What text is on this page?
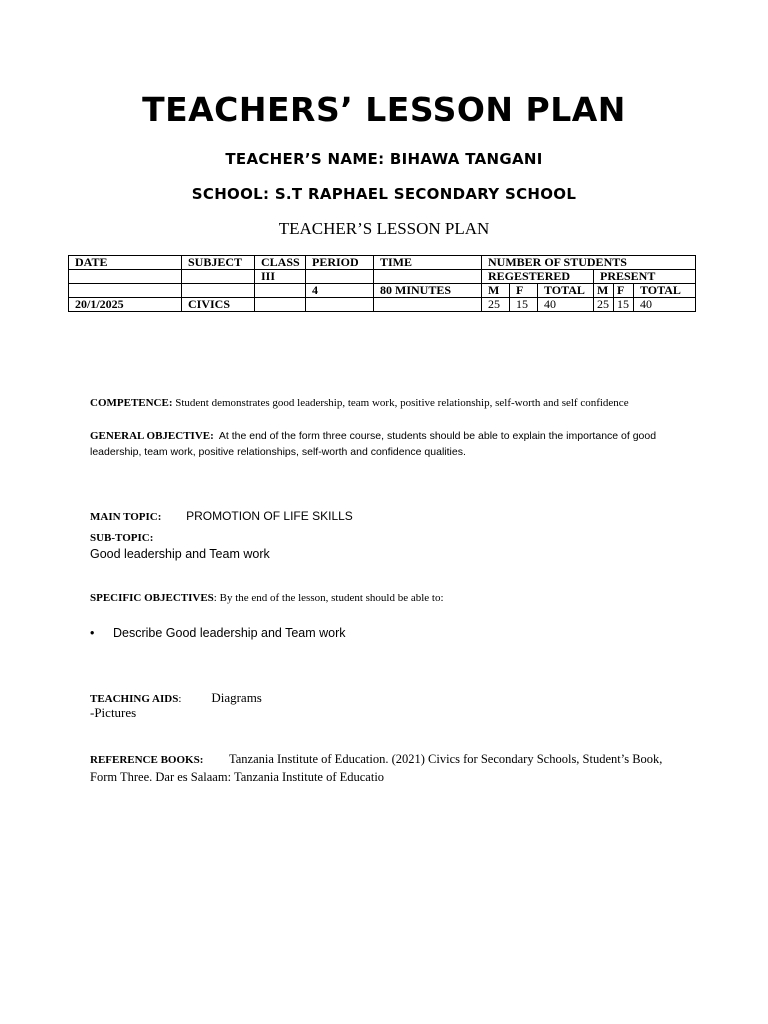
TEACHERS’ LESSON PLAN
TEACHER’S NAME: BIHAWA TANGANI
SCHOOL: S.T RAPHAEL SECONDARY SCHOOL
TEACHER’S LESSON PLAN
DATE	SUBJECT	CLASS	PERIOD	TIME	NUMBER OF STUDENTS					
		III			REGESTERED			PRESENT		
			4	80 MINUTES	M	F	TOTAL	M	F	TOTAL
20/1/2025	CIVICS				25	15	40	25	15	40
COMPETENCE: Student demonstrates good leadership, team work, positive relationship, self-worth and self confidence
GENERAL OBJECTIVE: At the end of the form three course, students should be able to explain the importance of good
leadership, team work, positive relationships, self-worth and confidence qualities.
MAIN TOPIC: PROMOTION OF LIFE SKILLS
SUB-TOPIC:
Good leadership and Team work
SPECIFIC OBJECTIVES: By the end of the lesson, student should be able to:
• Describe Good leadership and Team work
TEACHING AIDS: Diagrams
-Pictures
REFERENCE BOOKS: Tanzania Institute of Education. (2021) Civics for Secondary Schools, Student’s Book,
Form Three. Dar es Salaam: Tanzania Institute of Educatio
